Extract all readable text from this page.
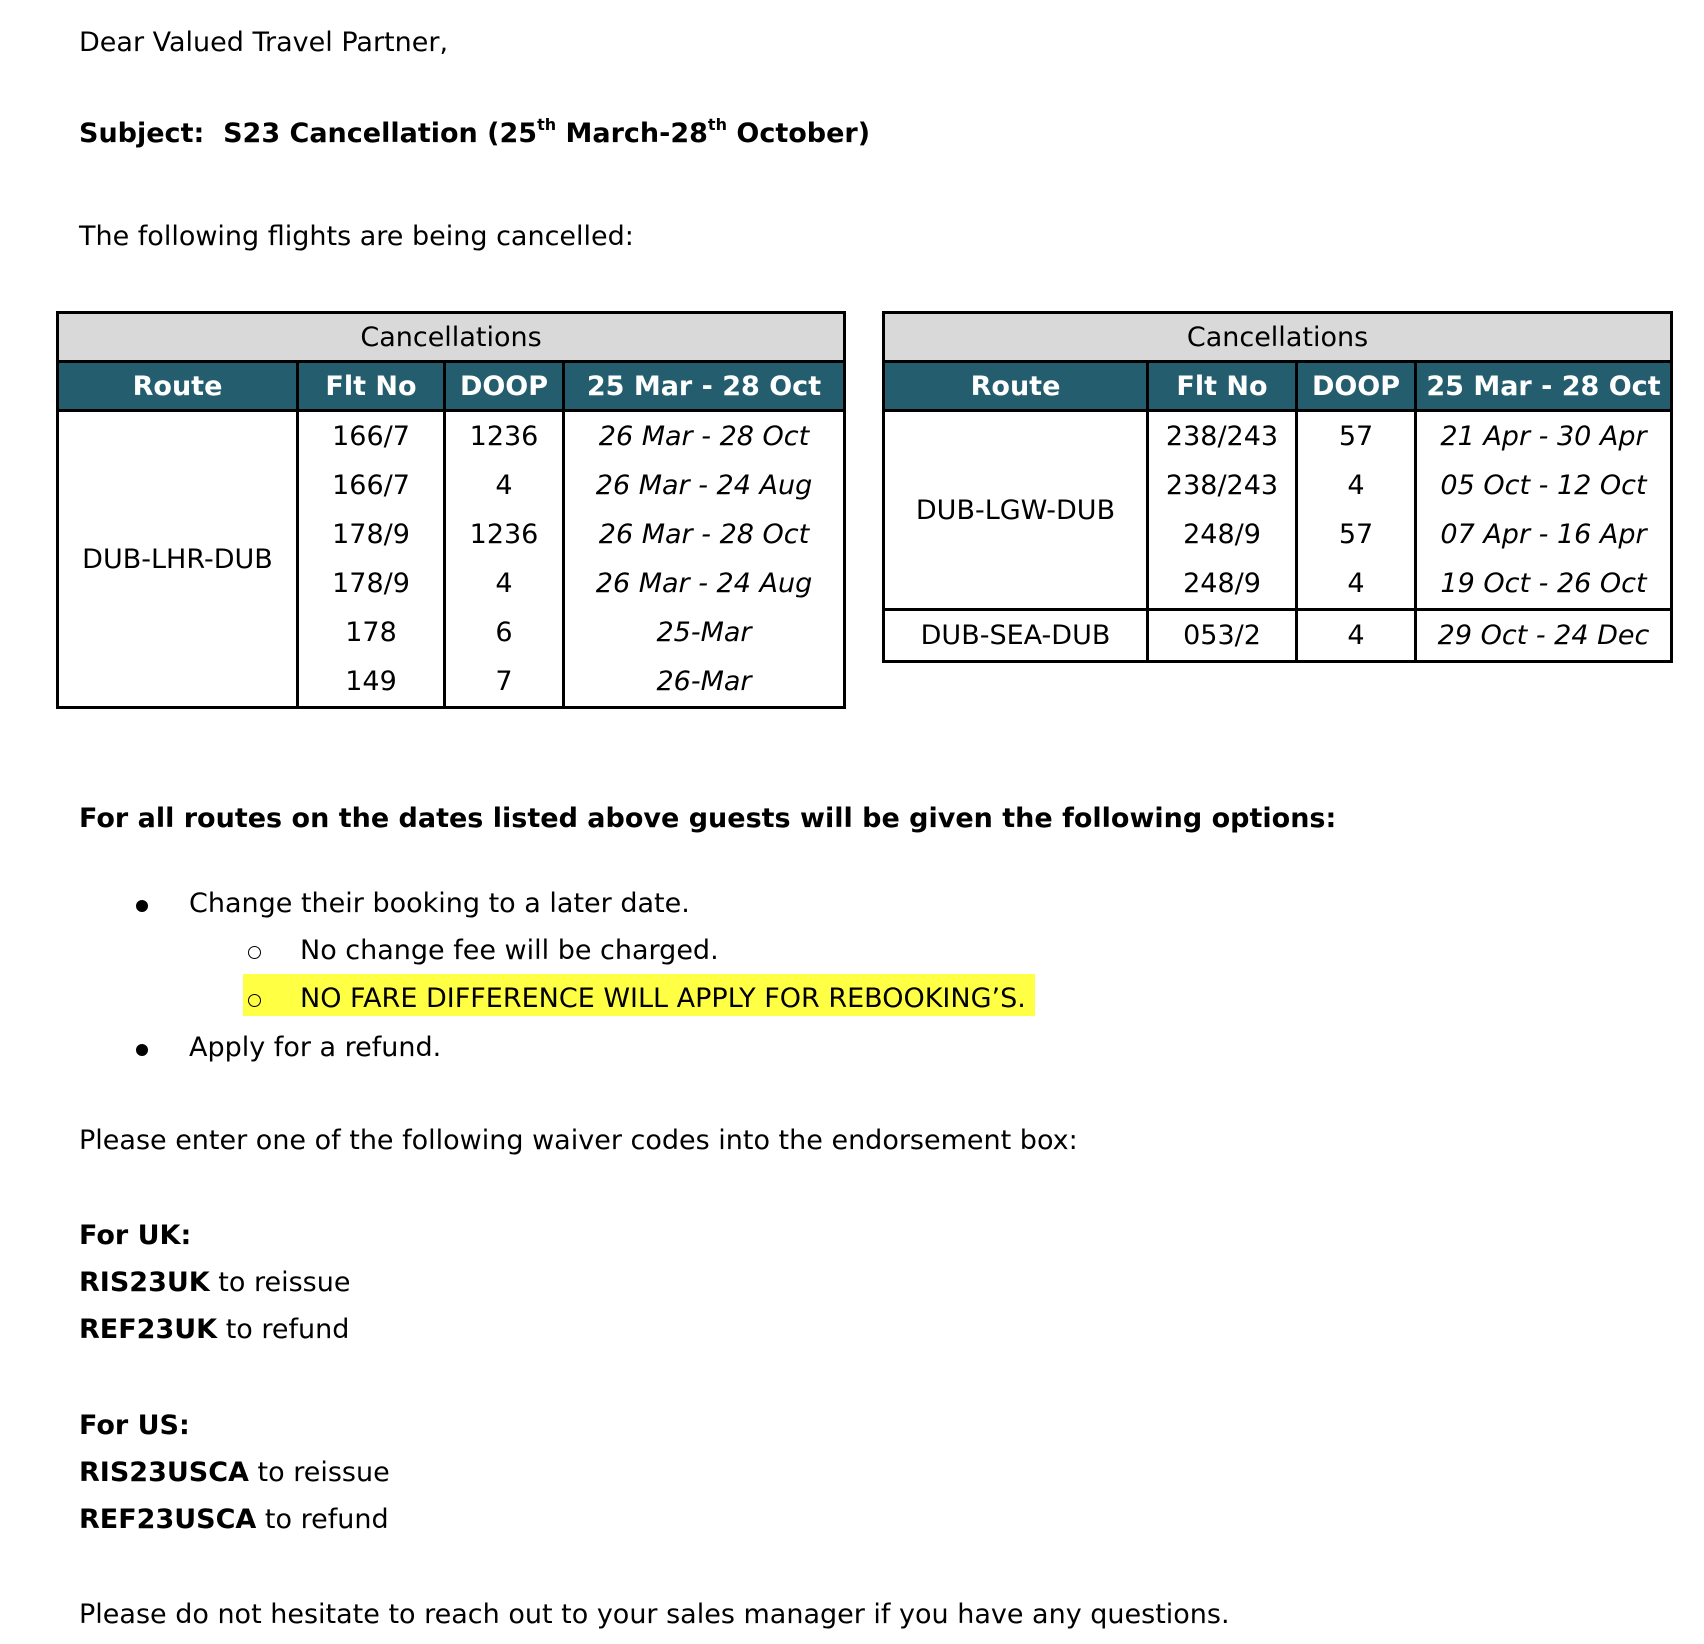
Dear Valued Travel Partner,
Subject: S23 Cancellation (25th March-28th October)
The following flights are being cancelled:
Cancellations			
Route	Flt No	DOOP	25 Mar - 28 Oct
DUB-LHR-DUB	166/7	1236	26 Mar - 28 Oct
	166/7	4	26 Mar - 24 Aug
	178/9	1236	26 Mar - 28 Oct
	178/9	4	26 Mar - 24 Aug
	178	6	25-Mar
	149	7	26-Mar
Cancellations			
Route	Flt No	DOOP	25 Mar - 28 Oct
DUB-LGW-DUB	238/243	57	21 Apr - 30 Apr
	238/243	4	05 Oct - 12 Oct
	248/9	57	07 Apr - 16 Apr
	248/9	4	19 Oct - 26 Oct
DUB-SEA-DUB	053/2	4	29 Oct - 24 Dec
For all routes on the dates listed above guests will be given the following options:
Change their booking to a later date.
No change fee will be charged.
NO FARE DIFFERENCE WILL APPLY FOR REBOOKING’S.
Apply for a refund.
Please enter one of the following waiver codes into the endorsement box:
For UK:
RIS23UK to reissue
REF23UK to refund
For US:
RIS23USCA to reissue
REF23USCA to refund
Please do not hesitate to reach out to your sales manager if you have any questions.
